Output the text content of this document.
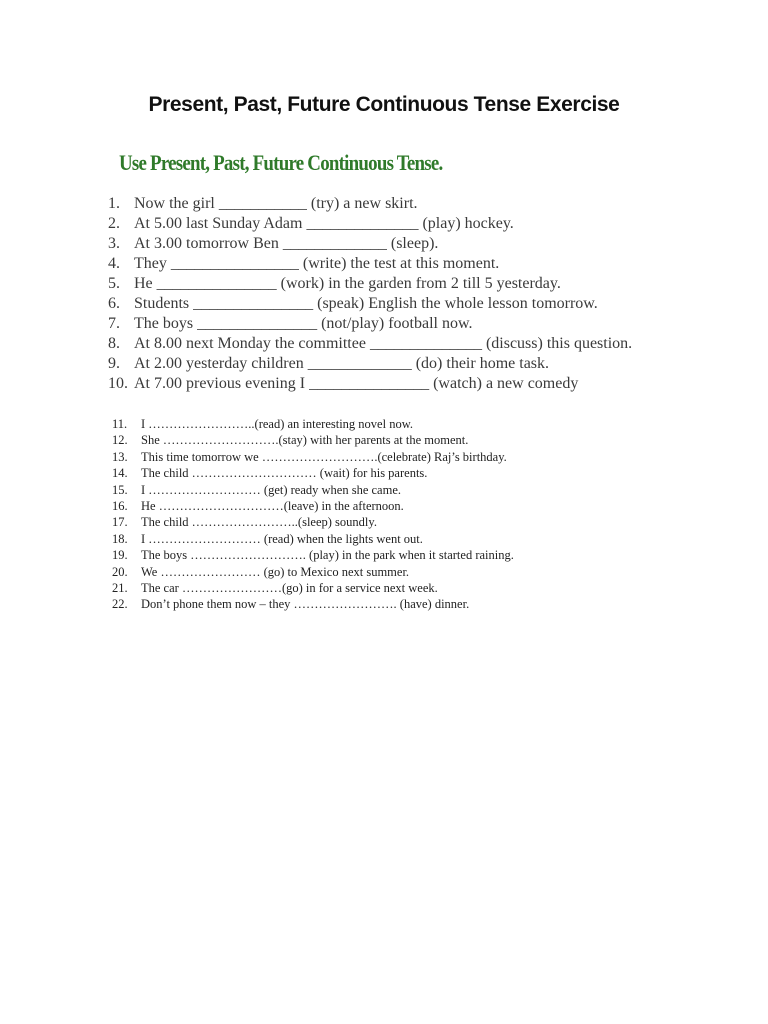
Present, Past, Future Continuous Tense Exercise
Use Present, Past, Future Continuous Tense.
1. Now the girl ___________ (try) a new skirt.
2. At 5.00 last Sunday Adam ______________ (play) hockey.
3. At 3.00 tomorrow Ben _____________ (sleep).
4. They ________________ (write) the test at this moment.
5. He _______________ (work) in the garden from 2 till 5 yesterday.
6. Students _______________ (speak) English the whole lesson tomorrow.
7. The boys _______________ (not/play) football now.
8. At 8.00 next Monday the committee ______________ (discuss) this question.
9. At 2.00 yesterday children _____________ (do) their home task.
10. At 7.00 previous evening I _______________ (watch) a new comedy
11. I ……………………..(read) an interesting novel now.
12. She ……………………….(stay) with her parents at the moment.
13. This time tomorrow we ……………………….(celebrate) Raj’s birthday.
14. The child ………………………… (wait) for his parents.
15. I ……………………… (get) ready when she came.
16. He …………………………(leave) in the afternoon.
17. The child ……………………..(sleep) soundly.
18. I ……………………… (read) when the lights went out.
19. The boys ………………………. (play) in the park when it started raining.
20. We …………………… (go) to Mexico next summer.
21. The car ……………………(go) in for a service next week.
22. Don’t phone them now – they ……………………. (have) dinner.
